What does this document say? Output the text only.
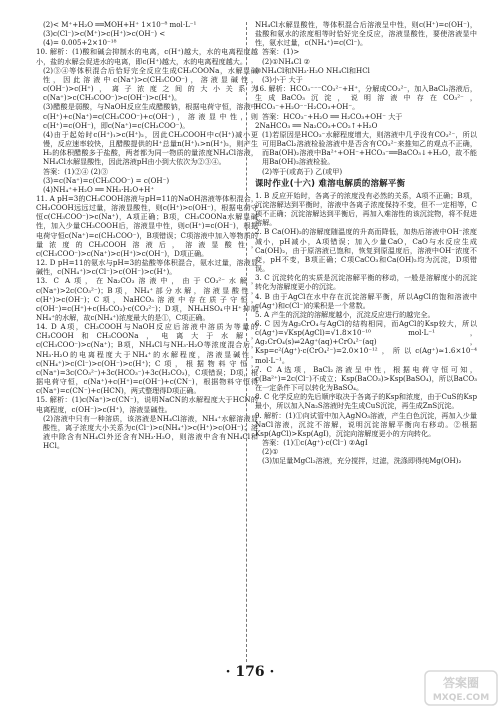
(2)< M⁺+H₂O ══MOH+H⁺ 1×10⁻⁸ mol·L⁻¹

(3)c(Cl⁻)>c(M⁺)>c(H⁺)>c(OH⁻) <

(4)= 0.005+2×10⁻¹⁸

10. 解析：(1)酸和碱会抑制水的电离，c(H⁺)越大，水的电离程度越小，盐的水解会促进水的电离，即c(H⁺)越大，水的电离程度越大。

(2)③④等体积混合后恰好完全反应生成CH₃COONa，水解显碱性，因此溶液中c(Na⁺)>c(CH₃COO⁻)，溶液显碱性，c(OH⁻)>c(H⁺)，离子浓度之间的大小关系为c(Na⁺)>c(CH₃COO⁻)>c(OH⁻)>c(H⁺)。

(3)醋酸是弱酸，与NaOH反应生成醋酸钠，根据电荷守恒，溶液中c(H⁺)+c(Na⁺)=c(CH₃COO⁻)+c(OH⁻)，溶液显中性，则c(H⁺)=c(OH⁻)，即c(Na⁺)=c(CH₃COO⁻)。

(4)由于起始时c(H⁺)₁>c(H⁺)₂，因此CH₃COOH中c(H⁺)减小更慢，反应速率较快，且醋酸提供的H⁺总量n(H⁺)₁>n(H⁺)₂，则产生H₂的体积醋酸多于盐酸，两者都为同一物质的量浓度NH₄Cl溶液，NH₄Cl水解显酸性，因此溶液pH由小到大依次为②③④。

答案：(1)②④ (2)③

(3)=c(Na⁺)=c(CH₃COO⁻) = c(OH⁻)

(4)NH₄⁺+H₂O ══ NH₃·H₂O+H⁺

11. A pH=3的CH₃COOH溶液与pH=11的NaOH溶液等体积混合，CH₃COOH远远过量，溶液显酸性，则c(H⁺)>c(OH⁻)，根据电荷守恒c(CH₃COO⁻)>c(Na⁺)，A项正确；B项，CH₃COONa水解显碱性，加入少量CH₃COOH后，溶液显中性，则c(H⁺)=c(OH⁻)，根据电荷守恒c(Na⁺)=c(CH₃COO⁻)，B项错误；C项溶液中加入等物质的量浓度的CH₃COOH溶液后，溶液显酸性，c(CH₃COO⁻)>c(Na⁺)>c(H⁺)>c(OH⁻)，D项正确。

12. D pH=11的氨水与pH=3的盐酸等体积混合，氨水过量，溶液显碱性，c(NH₄⁺)>c(Cl⁻)>c(OH⁻)>c(H⁺)。

13. C A项，在Na₂CO₃溶液中，由于CO₃²⁻水解，c(Na⁺)>2c(CO₃²⁻)；B项，NH₄⁺部分水解，溶液显酸性，c(H⁺)>c(OH⁻)；C项，NaHCO₃溶液中存在质子守恒，c(OH⁻)=c(H⁺)+c(H₂CO₃)-c(CO₃²⁻)；D项，NH₄HSO₄中H⁺抑制NH₄⁺的水解，故c(NH₄⁺)浓度最大的是①，C项正确。

14. D A项，CH₃COOH与NaOH反应后溶液中溶质为等量的CH₃COOH和CH₃COONa，电离大于水解，c(CH₃COO⁻)>c(Na⁺)；B项，NH₄Cl与NH₃·H₂O等浓度混合后，NH₃·H₂O的电离程度大于NH₄⁺的水解程度，溶液显碱性，c(NH₄⁺)>c(Cl⁻)>c(OH⁻)>c(H⁺)；C项，根据物料守恒，c(Na⁺)=3c(CO₃²⁻)+3c(HCO₃⁻)+3c(H₂CO₃)，C项错误；D项，根据电荷守恒，c(Na⁺)+c(H⁺)=c(OH⁻)+c(CN⁻)，根据物料守恒得c(Na⁺)=c(CN⁻)+c(HCN)，两式整理得D项正确。

15. 解析：(1)c(Na⁺)>c(CN⁻)，说明NaCN的水解程度大于HCN的电离程度，c(OH⁻)>c(H⁺)，溶液显碱性。

(2)溶液中只有一种溶质，该溶液是NH₄Cl溶液，NH₄⁺水解溶液显酸性，离子浓度大小关系为c(Cl⁻)>c(NH₄⁺)>c(H⁺)>c(OH⁻)；溶液中除含有NH₄Cl外还含有NH₃·H₂O，则溶液中含有NH₄Cl和HCl。

NH₄Cl水解显酸性，等体积混合后溶液呈中性，则c(H⁺)=c(OH⁻)，盐酸和氨水的浓度相等时恰好完全反应，溶液显酸性，要使溶液显中性，氨水过量，c(NH₄⁺)=c(Cl⁻)。

答案：(1)>

(2)①NH₄Cl ②

③NH₄Cl和NH₃·H₂O NH₄Cl和HCl

(3)小于 大于

16. 解析：HCO₃⁻⁻⁻CO₃²⁻+H⁺，分解成CO₃²⁻，加入BaCl₂溶液后，生成BaCO₃沉淀，说明溶液中存在CO₃²⁻，HCO₃⁻+H₂O⁻⁻H₂CO₃+OH⁻。

答案：HCO₃⁻+H₂O ══ H₂CO₃+OH⁻ 大于

2NaHCO₃ ══ Na₂CO₃+CO₂↑+H₂O

(1)若原因是HCO₃⁻水解程度增大，则溶液中几乎没有CO₃²⁻，所以可用BaCl₂溶液检验溶液中是否含有CO₃²⁻来推知乙的观点不正确，而Ba(OH)₂溶液中Ba²⁺+OH⁻+HCO₃⁻══BaCO₃↓+H₂O，故不能用Ba(OH)₂溶液检验。

(2)等于(或高于) 乙(或甲)

课时作业(十六) 难溶电解质的溶解平衡

1. B 反应开始时，各离子的浓度没有必然的关系，A项不正确；B项，沉淀溶解达到平衡时，溶液中各离子浓度保持不变，但不一定相等，C项不正确；沉淀溶解达到平衡后，再加入难溶性的该沉淀物，将不促进溶解。

2. B Ca(OH)₂的溶解度随温度的升高而降低，加热后溶液中OH⁻浓度减小，pH减小，A项错误；加入少量CaO，CaO与水反应生成Ca(OH)₂，由于原溶液已饱和，恢复到原温度后，溶液中OH⁻浓度不变，pH不变，B项正确；C项CaCO₃和Ca(OH)₂均为沉淀，D项错误。

3. C 沉淀转化的实质是沉淀溶解平衡的移动，一般是溶解度小的沉淀转化为溶解度更小的沉淀。

4. B 由于AgCl在水中存在沉淀溶解平衡，所以AgCl的饱和溶液中c(Ag⁺)和c(Cl⁻)的乘积是一个常数。

5. A 产生的沉淀的溶解度越小，沉淀反应进行的越完全。

6. C 因为Ag₂CrO₄与AgCl的结构相同，而AgCl的Ksp较大，所以c(Ag⁺)=√Ksp(AgCl)=√1.8×10⁻¹⁰ mol·L⁻¹，Ag₂CrO₄(s)⇌2Ag⁺(aq)+CrO₄²⁻(aq)，Ksp=c²(Ag⁺)·c(CrO₄²⁻)=2.0×10⁻¹²，所以c(Ag⁺)≈1.6×10⁻⁴ mol·L⁻¹。

7. C A选项，BaCl₂溶液呈中性，根据电荷守恒可知，c(Ba²⁺)=2c(Cl⁻)不成立；Ksp(BaCO₃)>Ksp(BaSO₄)，所以BaCO₃在一定条件下可以转化为BaSO₄。

8. C 化学反应的先后顺序取决于各离子的Ksp和浓度，由于CuS的Ksp最小，所以加入Na₂S溶液时先生成CuS沉淀，再生成ZnS沉淀。

9. 解析：(1)①向试管中加入AgNO₃溶液，产生白色沉淀，再加入少量NaCl溶液，沉淀不溶解，说明沉淀溶解平衡向右移动。②根据Ksp(AgCl)>Ksp(AgI)，沉淀向溶解度更小的方向转化。

答案：(1)①c(Ag⁺)·c(Cl⁻) ②AgI

(2)①

(3)加足量MgCl₂溶液，充分搅拌，过滤，洗涤即得纯Mg(OH)₂

· 176 ·
答案圈
MXQE.COM
